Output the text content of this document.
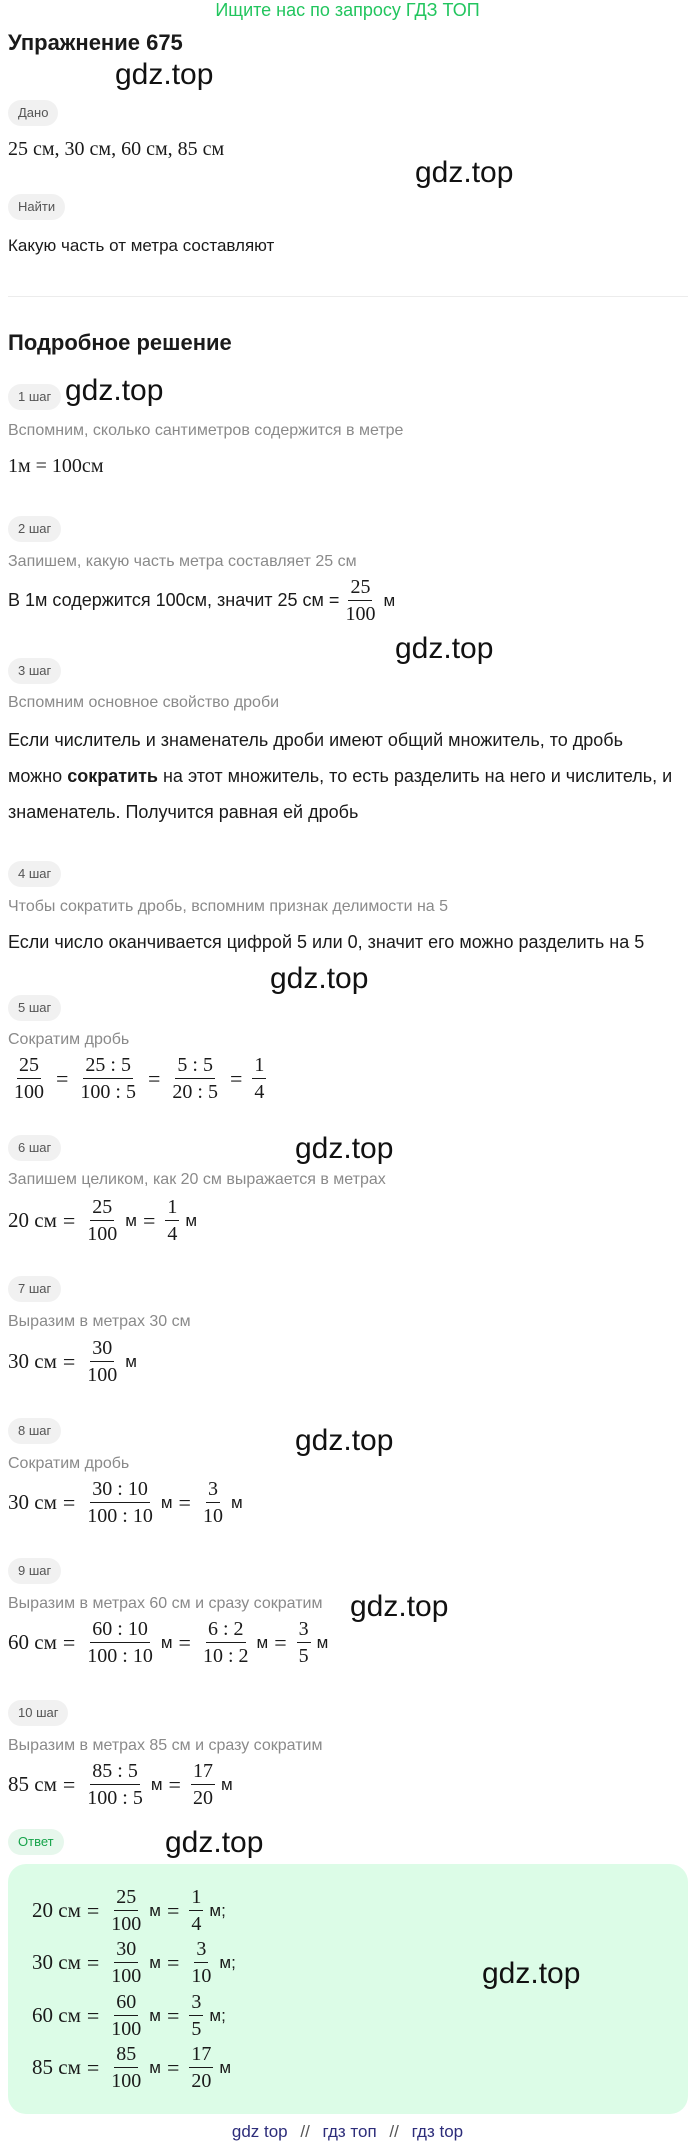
Ищите нас по запросу ГДЗ ТОП
Упражнение 675
Дано
25 см, 30 см, 60 см, 85 см
Найти
Какую часть от метра составляют
Подробное решение
1 шаг
Вспомним, сколько сантиметров содержится в метре
1м = 100см
2 шаг
Запишем, какую часть метра составляет 25 см
В 1м содержится 100см, значит 25 см = $\frac{25}{100}$ м
3 шаг
Вспомним основное свойство дроби
Если числитель и знаменатель дроби имеют общий множитель, то дробь
можно сократить на этот множитель, то есть разделить на него и числитель, и
знаменатель. Получится равная ей дробь
4 шаг
Чтобы сократить дробь, вспомним признак делимости на 5
Если число оканчивается цифрой 5 или 0, значит его можно разделить на 5
5 шаг
Сократим дробь
$\frac{25}{100} = \frac{25 : 5}{100 : 5} = \frac{5 : 5}{20 : 5} = \frac{1}{4}$
6 шаг
Запишем целиком, как 20 см выражается в метрах
20 см = $\frac{25}{100}$ $м = \frac{1}{4}$ м
7 шаг
Выразим в метрах 30 см
30 см = $\frac{30}{100}$ м
8 шаг
Сократим дробь
30 см = $\frac{30 : 10}{100 : 10}$ $м = \frac{3}{10}$ м
9 шаг
Выразим в метрах 60 см и сразу сократим
60 см = $\frac{60 : 10}{100 : 10}$ $м = \frac{6 : 2}{10 : 2}$ $м = \frac{3}{5}$ м
10 шаг
Выразим в метрах 85 см и сразу сократим
85 см = $\frac{85 : 5}{100 : 5}$ $м = \frac{17}{20}$ м
Ответ
20 см = $\frac{25}{100}$ $м = \frac{1}{4} м$;
30 см = $\frac{30}{100}$ $м = \frac{3}{10} м$;
60 см = $\frac{60}{100}$ $м = \frac{3}{5} м$;
85 см = $\frac{85}{100}$ $м = \frac{17}{20}$ м
gdz.top
gdz.top
gdz.top
gdz.top
gdz.top
gdz.top
gdz.top
gdz.top
gdz.top
gdz.top
gdz top // гдз топ // гдз top
